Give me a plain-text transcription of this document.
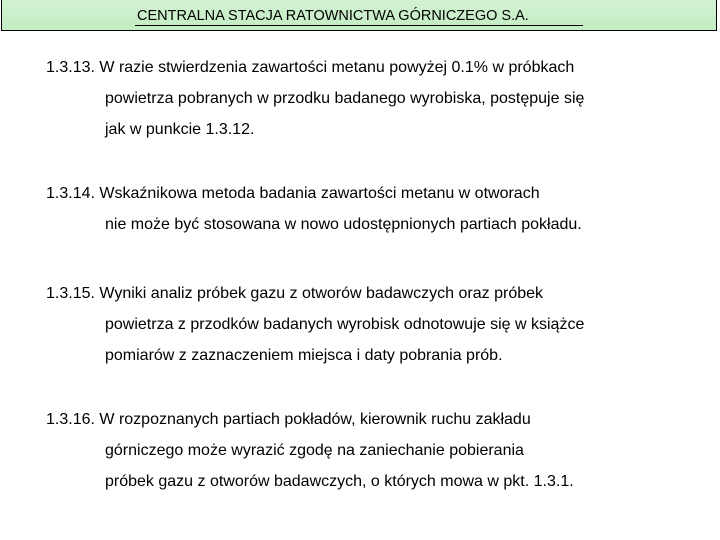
CENTRALNA STACJA RATOWNICTWA GÓRNICZEGO S.A.
1.3.13. W razie stwierdzenia zawartości metanu powyżej 0.1% w próbkach
powietrza pobranych w przodku badanego wyrobiska, postępuje się
jak w punkcie 1.3.12.
1.3.14. Wskaźnikowa metoda badania zawartości metanu w otworach
nie może być stosowana w nowo udostępnionych partiach pokładu.
1.3.15. Wyniki analiz próbek gazu z otworów badawczych oraz próbek
powietrza z przodków badanych wyrobisk odnotowuje się w książce
pomiarów z zaznaczeniem miejsca i daty pobrania prób.
1.3.16. W rozpoznanych partiach pokładów, kierownik ruchu zakładu
górniczego może wyrazić zgodę na zaniechanie pobierania
próbek gazu z otworów badawczych, o których mowa w pkt. 1.3.1.
